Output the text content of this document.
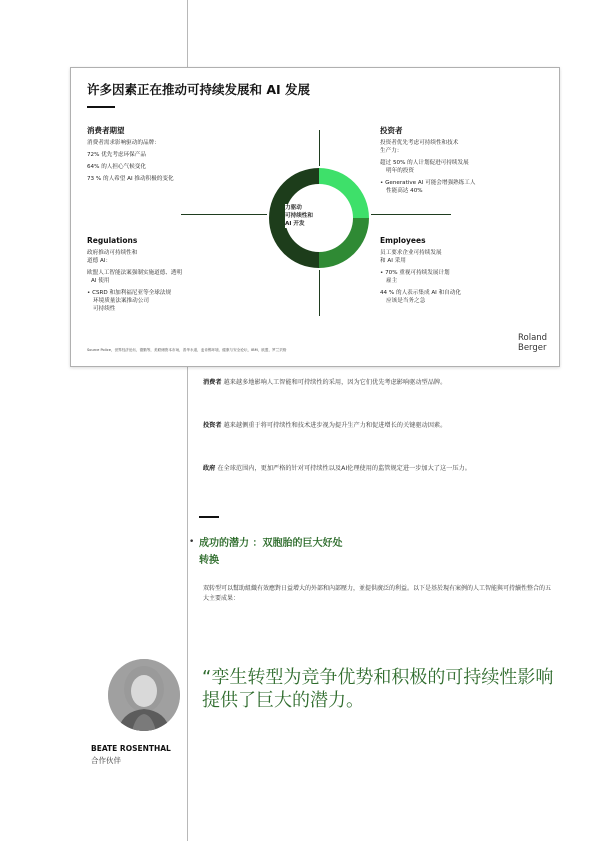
许多因素正在推动可持续发展和 AI 发展
力驱动
可持续性和
AI 开发
消费者期望

消费者需求影响驱动的品牌：

72% 优先考虑环保产品

64% 的人担心气候变化

73 % 的人希望 AI 推动积极的变化

投资者
投资者优先考虑可持续性和技术

生产力：

超过 50% 的人计划促进可持续发展

明年的投资

• Generative AI 可能会增强熟练工人

性能高达 40%

Regulations
政府推动可持续性和

道德 AI：

欧盟人工智能法案强制实施道德、透明

AI 使用

• CSRD 和加利福尼亚等全球法规
环境质量法案推动公司
可持续性
Employees
员工要求企业可持续发展

和 AI 采用

• 70% 重视可持续发展计划

雇主

44 % 的人表示集成 AI 和自动化
应该是当务之急
Source Police，世界经济论坛，德勤等，美联储资本市场，普华永道，麦肯锡环境、健康与安全论坛，IBM，欧盟，罗兰贝格
Roland
Berger
消费者 越来越多地影响人工智能和可持续性的采用，因为它们优先考虑影响驱动型品牌。
投资者 越来越侧重于将可持续性和技术进步视为提升生产力和促进增长的关键驱动因素。
政府 在全球范围内，更加严格的针对可持续性以及AI伦理使用的监管规定进一步加大了这一压力。
• 成功的潜力 ：双胞胎的巨大好处
转换
双转型可以幫助組織有效應對日益增大的外部和內部壓力，並提供廣泛的利益。以下是基於現有案例的人工智能與可持續性整合的五大主要成果：
BEATE ROSENTHAL
合作伙伴
“孪生转型为竞争优势和积极的可持续性影响提供了巨大的潜力。
